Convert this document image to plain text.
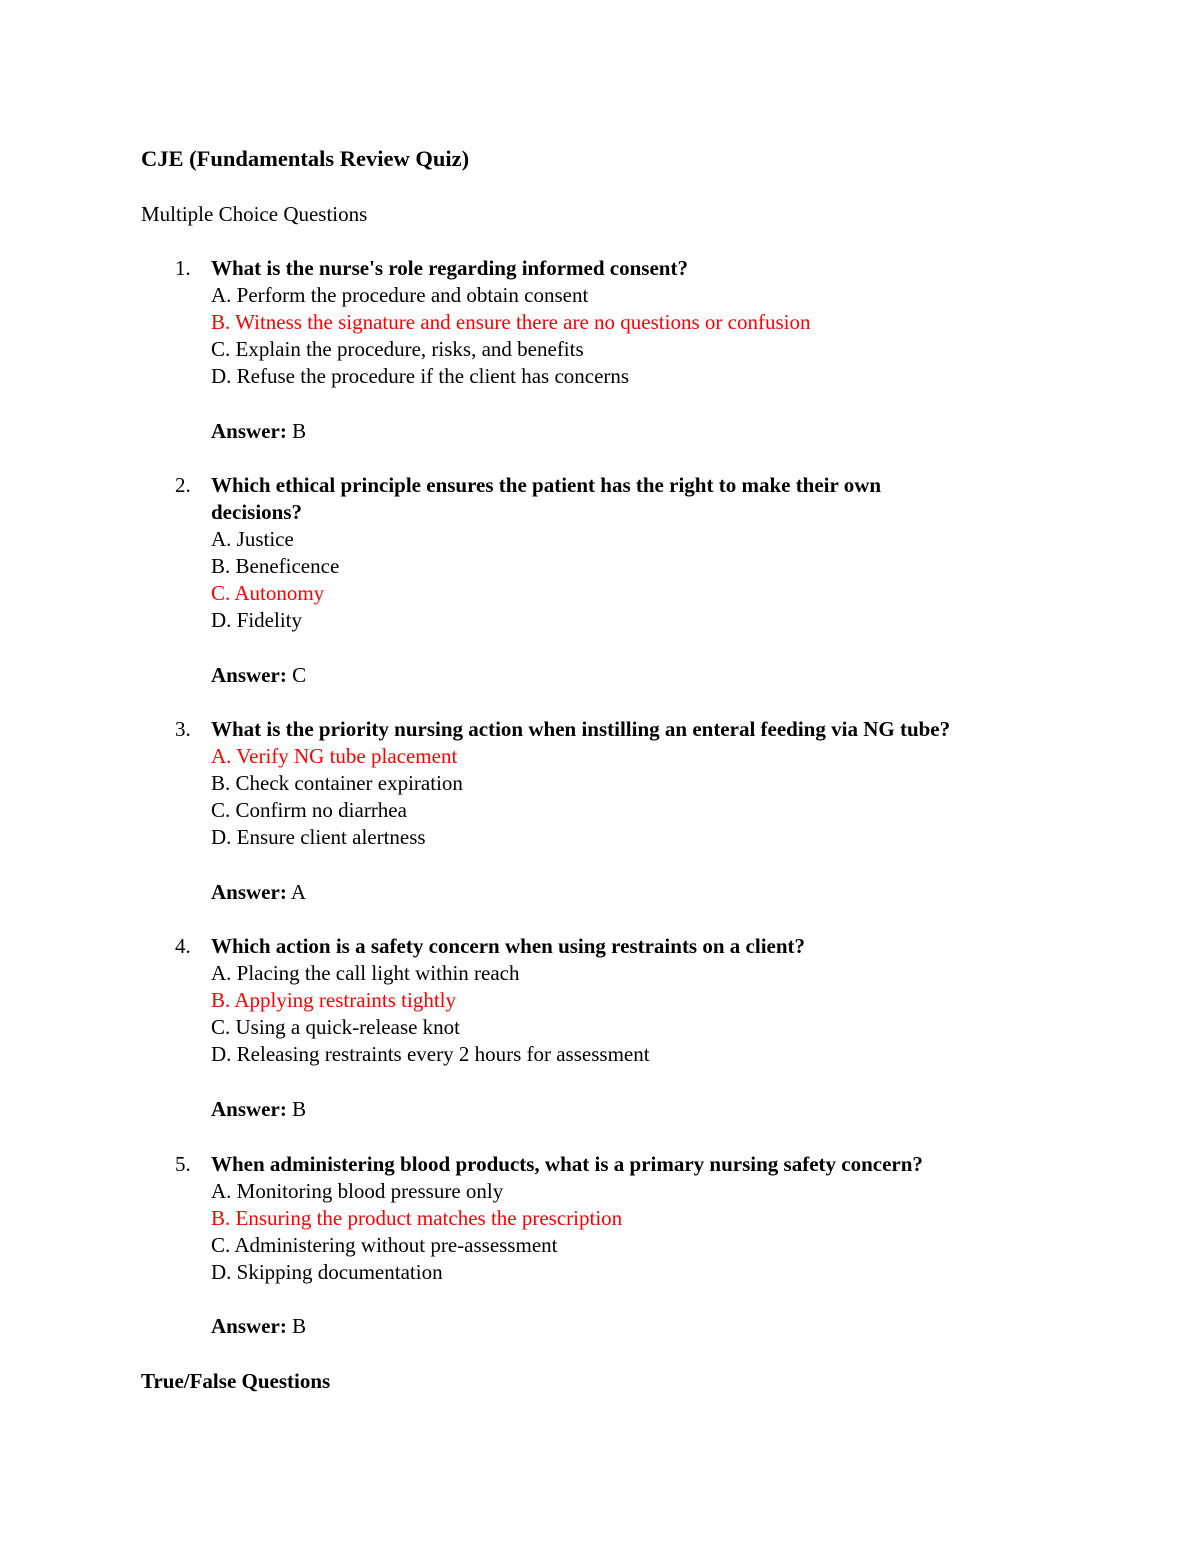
CJE (Fundamentals Review Quiz)
Multiple Choice Questions
1. What is the nurse's role regarding informed consent?
A. Perform the procedure and obtain consent
B. Witness the signature and ensure there are no questions or confusion
C. Explain the procedure, risks, and benefits
D. Refuse the procedure if the client has concerns
Answer: B
2. Which ethical principle ensures the patient has the right to make their own
decisions?
A. Justice
B. Beneficence
C. Autonomy
D. Fidelity
Answer: C
3. What is the priority nursing action when instilling an enteral feeding via NG tube?
A. Verify NG tube placement
B. Check container expiration
C. Confirm no diarrhea
D. Ensure client alertness
Answer: A
4. Which action is a safety concern when using restraints on a client?
A. Placing the call light within reach
B. Applying restraints tightly
C. Using a quick-release knot
D. Releasing restraints every 2 hours for assessment
Answer: B
5. When administering blood products, what is a primary nursing safety concern?
A. Monitoring blood pressure only
B. Ensuring the product matches the prescription
C. Administering without pre-assessment
D. Skipping documentation
Answer: B
True/False Questions
